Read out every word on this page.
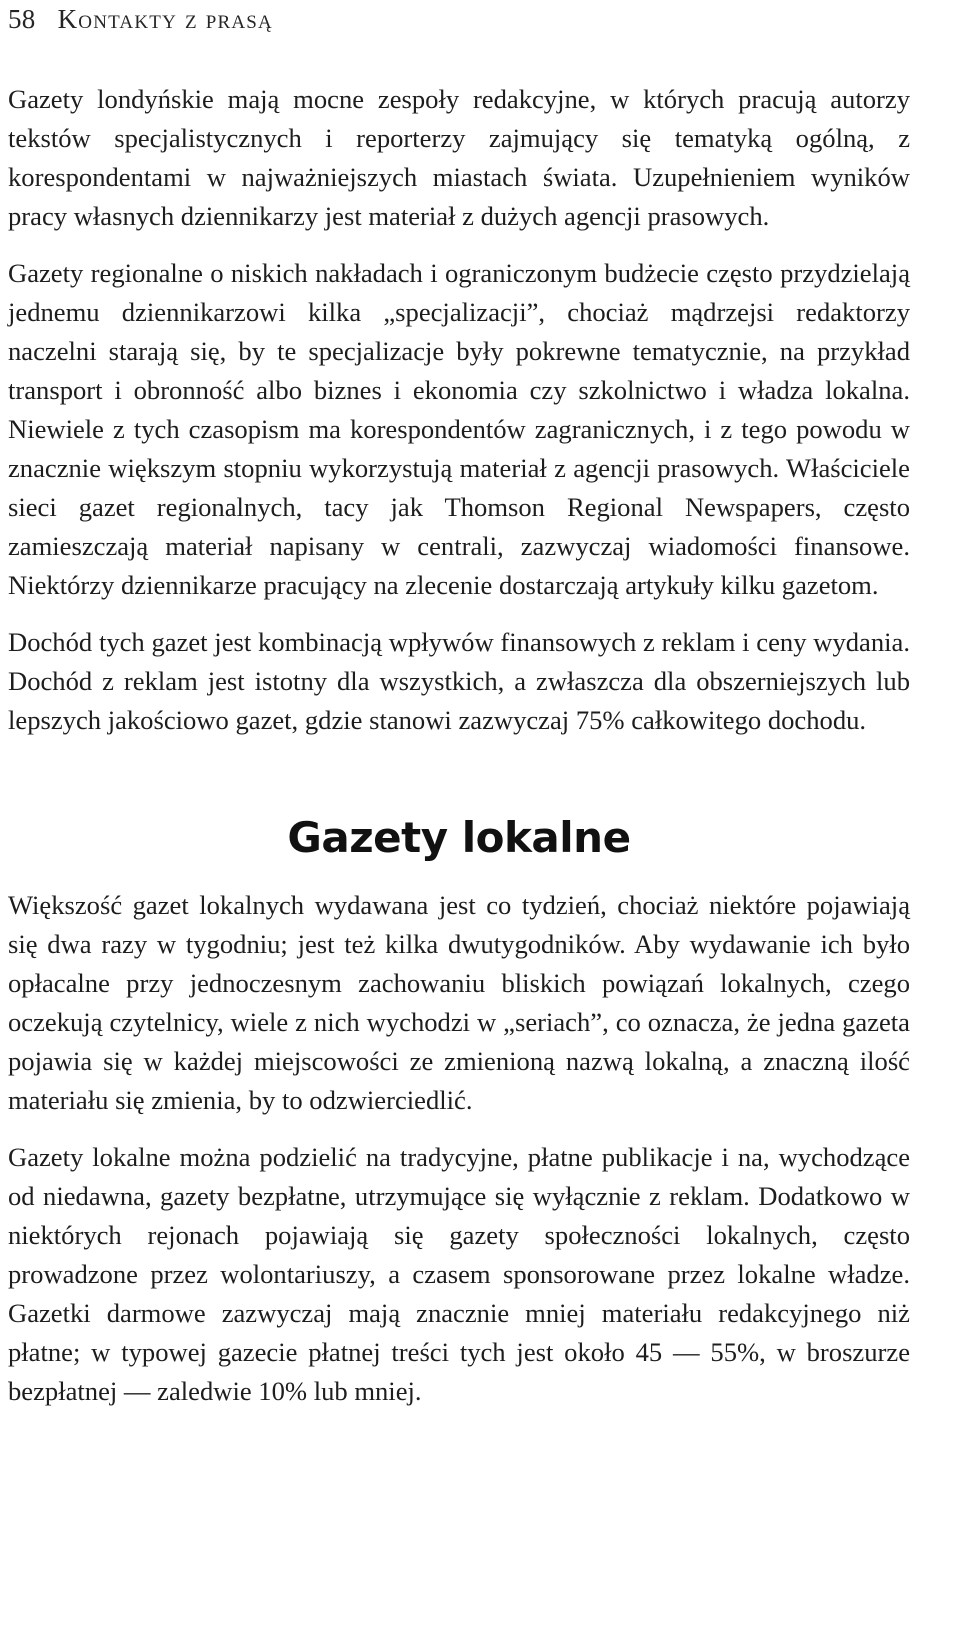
58 Kontakty z prasą

Gazety londyńskie mają mocne zespoły redakcyjne, w których pracują autorzy tekstów specjalistycznych i reporterzy zajmujący się tematyką ogólną, z korespondentami w najważniejszych miastach świata. Uzupełnieniem wyników pracy własnych dziennikarzy jest materiał z dużych agencji prasowych.

Gazety regionalne o niskich nakładach i ograniczonym budżecie często przydzielają jednemu dziennikarzowi kilka „specjalizacji”, chociaż mądrzejsi redaktorzy naczelni starają się, by te specjalizacje były pokrewne tematycznie, na przykład transport i obronność albo biznes i ekonomia czy szkolnictwo i władza lokalna. Niewiele z tych czasopism ma korespondentów zagranicznych, i z tego powodu w znacznie większym stopniu wykorzystują materiał z agencji prasowych. Właściciele sieci gazet regionalnych, tacy jak Thomson Regional Newspapers, często zamieszczają materiał napisany w centrali, zazwyczaj wiadomości finansowe. Niektórzy dziennikarze pracujący na zlecenie dostarczają artykuły kilku gazetom.

Dochód tych gazet jest kombinacją wpływów finansowych z reklam i ceny wydania. Dochód z reklam jest istotny dla wszystkich, a zwłaszcza dla obszerniejszych lub lepszych jakościowo gazet, gdzie stanowi zazwyczaj 75% całkowitego dochodu.

Gazety lokalne

Większość gazet lokalnych wydawana jest co tydzień, chociaż niektóre pojawiają się dwa razy w tygodniu; jest też kilka dwutygodników. Aby wydawanie ich było opłacalne przy jednoczesnym zachowaniu bliskich powiązań lokalnych, czego oczekują czytelnicy, wiele z nich wychodzi w „seriach”, co oznacza, że jedna gazeta pojawia się w każdej miejscowości ze zmienioną nazwą lokalną, a znaczną ilość materiału się zmienia, by to odzwierciedlić.

Gazety lokalne można podzielić na tradycyjne, płatne publikacje i na, wychodzące od niedawna, gazety bezpłatne, utrzymujące się wyłącznie z reklam. Dodatkowo w niektórych rejonach pojawiają się gazety społeczności lokalnych, często prowadzone przez wolontariuszy, a czasem sponsorowane przez lokalne władze. Gazetki darmowe zazwyczaj mają znacznie mniej materiału redakcyjnego niż płatne; w typowej gazecie płatnej treści tych jest około 45 — 55%, w broszurze bezpłatnej — zaledwie 10% lub mniej.
